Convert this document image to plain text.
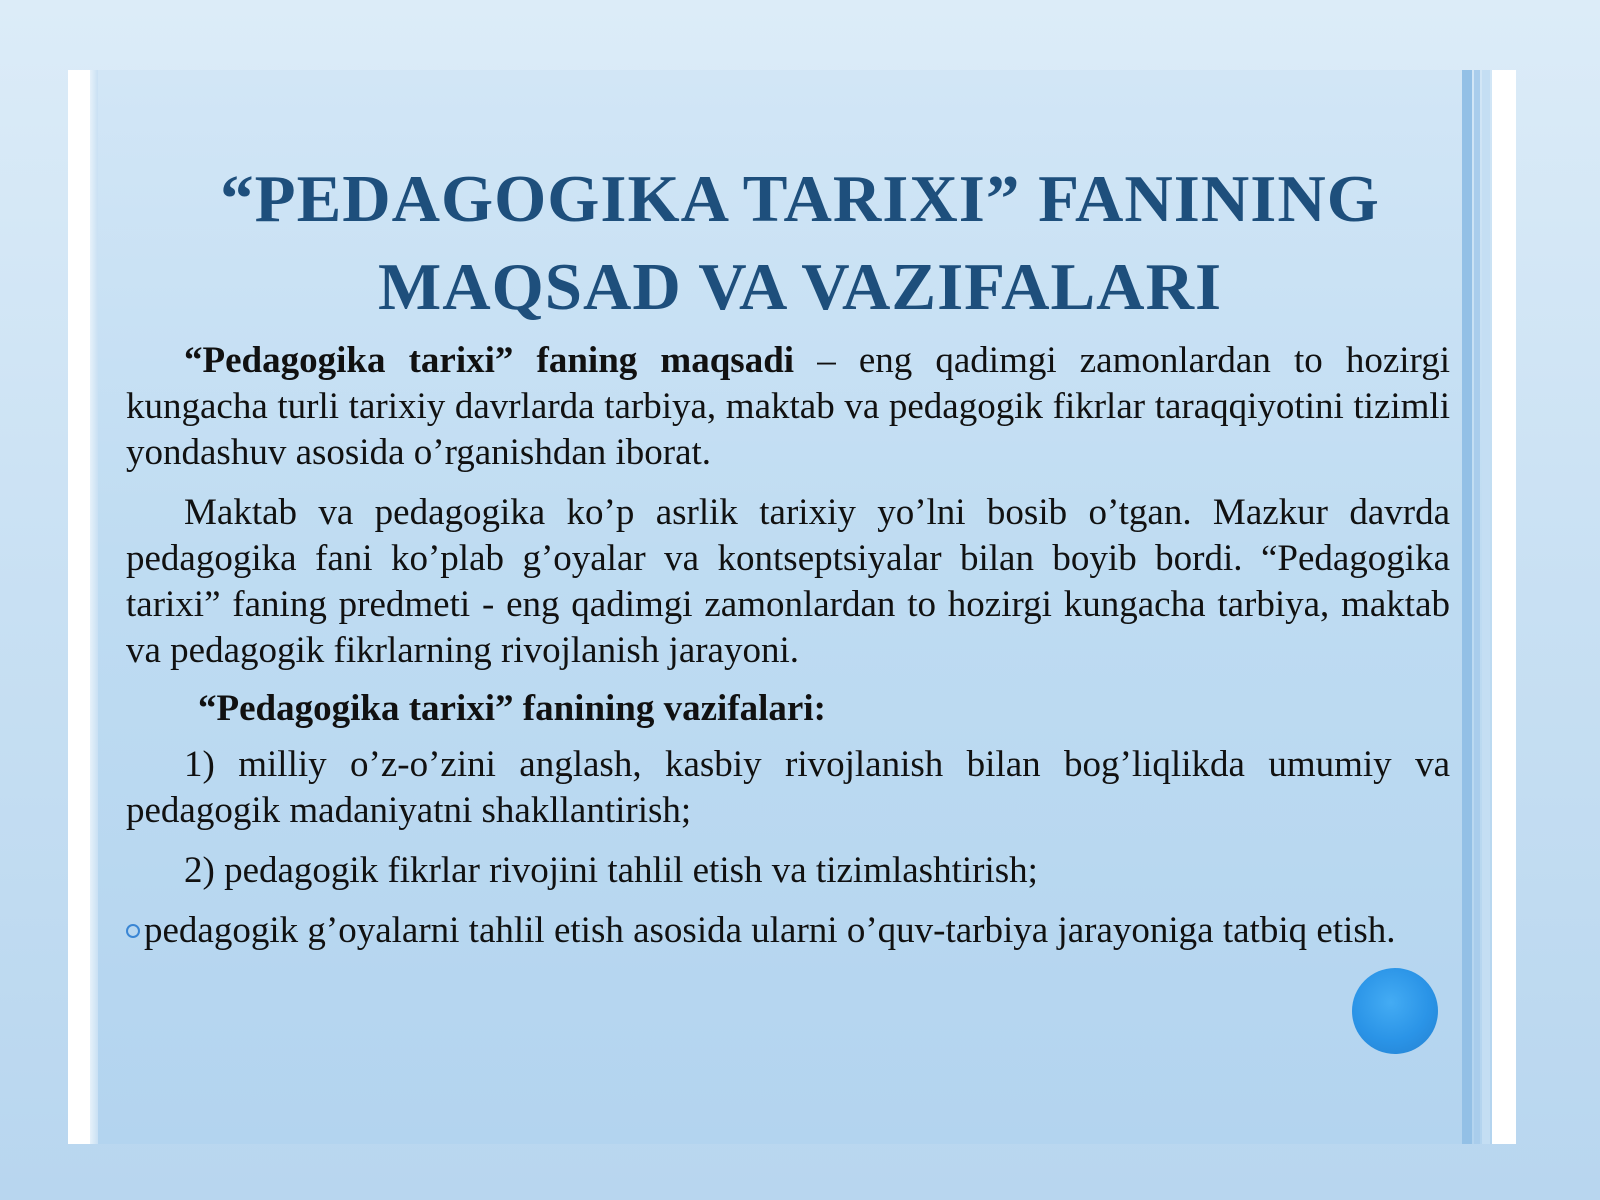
“PEDAGOGIKA TARIXI” FANINING
MAQSAD VA VAZIFALARI

“Pedagogika tarixi” faning maqsadi – eng qadimgi zamonlardan to hozirgi kungacha turli tarixiy davrlarda tarbiya, maktab va pedagogik fikrlar taraqqiyotini tizimli yondashuv asosida o’rganishdan iborat.

Maktab va pedagogika ko’p asrlik tarixiy yo’lni bosib o’tgan. Mazkur davrda pedagogika fani ko’plab g’oyalar va kontseptsiyalar bilan boyib bordi. “Pedagogika tarixi” faning predmeti - eng qadimgi zamonlardan to hozirgi kungacha tarbiya, maktab va pedagogik fikrlarning rivojlanish jarayoni.

“Pedagogika tarixi” fanining vazifalari:

1) milliy o’z-o’zini anglash, kasbiy rivojlanish bilan bog’liqlikda umumiy va pedagogik madaniyatni shakllantirish;

2) pedagogik fikrlar rivojini tahlil etish va tizimlashtirish;

pedagogik g’oyalarni tahlil etish asosida ularni o’quv-tarbiya jarayoniga tatbiq etish.
